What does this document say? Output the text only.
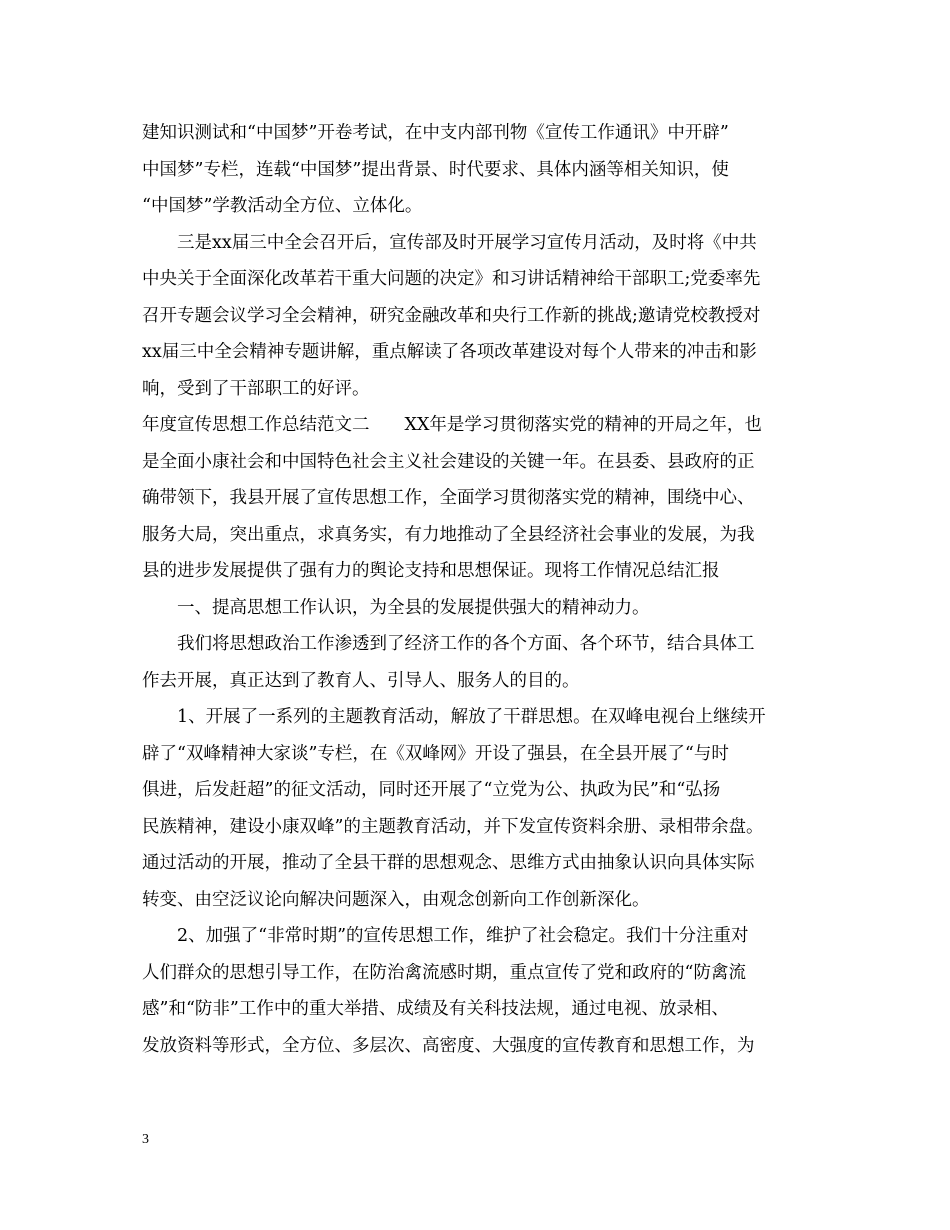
建知识测试和“中国梦”开卷考试，在中支内部刊物《宣传工作通讯》中开辟”
中国梦”专栏，连载“中国梦”提出背景、时代要求、具体内涵等相关知识，使
“中国梦”学教活动全方位、立体化。
三是xx届三中全会召开后，宣传部及时开展学习宣传月活动，及时将《中共
中央关于全面深化改革若干重大问题的决定》和习讲话精神给干部职工;党委率先
召开专题会议学习全会精神，研究金融改革和央行工作新的挑战;邀请党校教授对
xx届三中全会精神专题讲解，重点解读了各项改革建设对每个人带来的冲击和影
响，受到了干部职工的好评。
年度宣传思想工作总结范文二　　XX年是学习贯彻落实党的精神的开局之年，也
是全面小康社会和中国特色社会主义社会建设的关键一年。在县委、县政府的正
确带领下，我县开展了宣传思想工作，全面学习贯彻落实党的精神，围绕中心、
服务大局，突出重点，求真务实，有力地推动了全县经济社会事业的发展，为我
县的进步发展提供了强有力的舆论支持和思想保证。现将工作情况总结汇报
一、提高思想工作认识，为全县的发展提供强大的精神动力。
我们将思想政治工作渗透到了经济工作的各个方面、各个环节，结合具体工
作去开展，真正达到了教育人、引导人、服务人的目的。
1、开展了一系列的主题教育活动，解放了干群思想。在双峰电视台上继续开
辟了“双峰精神大家谈”专栏，在《双峰网》开设了强县，在全县开展了“与时
俱进，后发赶超”的征文活动，同时还开展了“立党为公、执政为民”和“弘扬
民族精神，建设小康双峰”的主题教育活动，并下发宣传资料余册、录相带余盘。
通过活动的开展，推动了全县干群的思想观念、思维方式由抽象认识向具体实际
转变、由空泛议论向解决问题深入，由观念创新向工作创新深化。
2、加强了“非常时期”的宣传思想工作，维护了社会稳定。我们十分注重对
人们群众的思想引导工作，在防治禽流感时期，重点宣传了党和政府的“防禽流
感”和“防非”工作中的重大举措、成绩及有关科技法规，通过电视、放录相、
发放资料等形式，全方位、多层次、高密度、大强度的宣传教育和思想工作，为
3
